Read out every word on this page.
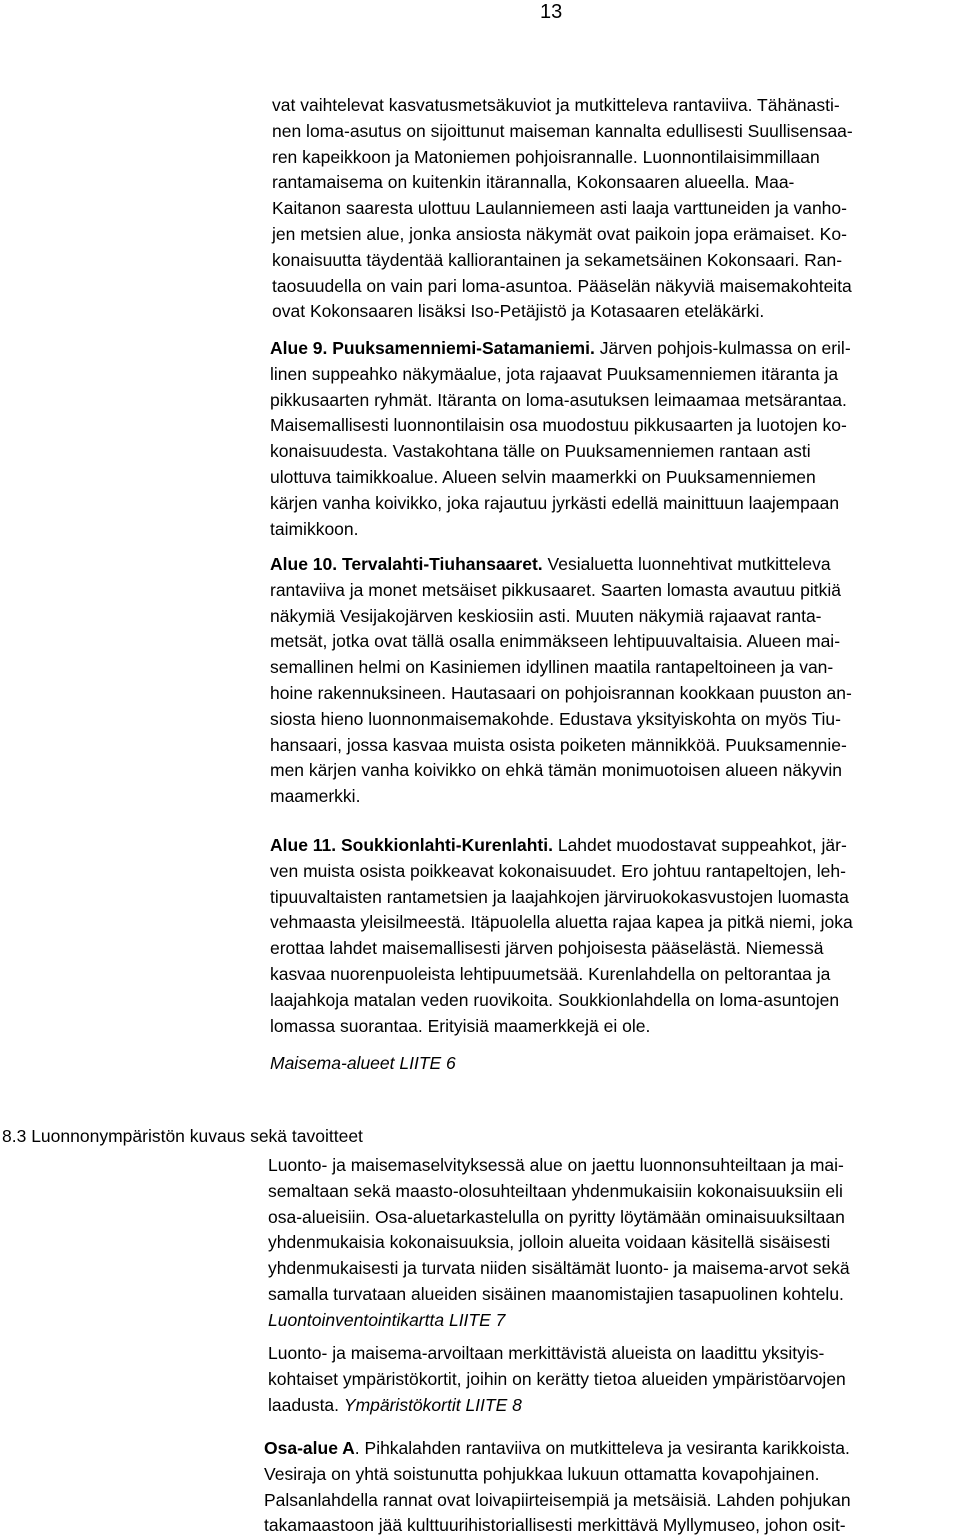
13
vat vaihtelevat kasvatusmetsäkuviot ja mutkitteleva rantaviiva. Tähänasti-
nen loma-asutus on sijoittunut maiseman kannalta edullisesti Suullisensaa-
ren kapeikkoon ja Matoniemen pohjoisrannalle. Luonnontilaisimmillaan
rantamaisema on kuitenkin itärannalla, Kokonsaaren alueella. Maa-
Kaitanon saaresta ulottuu Laulanniemeen asti laaja varttuneiden ja vanho-
jen metsien alue, jonka ansiosta näkymät ovat paikoin jopa erämaiset. Ko-
konaisuutta täydentää kalliorantainen ja sekametsäinen Kokonsaari. Ran-
taosuudella on vain pari loma-asuntoa. Pääselän näkyviä maisemakohteita
ovat Kokonsaaren lisäksi Iso-Petäjistö ja Kotasaaren eteläkärki.
Alue 9. Puuksamenniemi-Satamaniemi. Järven pohjois-kulmassa on eril-
linen suppeahko näkymäalue, jota rajaavat Puuksamenniemen itäranta ja
pikkusaarten ryhmät. Itäranta on loma-asutuksen leimaamaa metsärantaa.
Maisemallisesti luonnontilaisin osa muodostuu pikkusaarten ja luotojen ko-
konaisuudesta. Vastakohtana tälle on Puuksamenniemen rantaan asti
ulottuva taimikkoalue. Alueen selvin maamerkki on Puuksamenniemen
kärjen vanha koivikko, joka rajautuu jyrkästi edellä mainittuun laajempaan
taimikkoon.
Alue 10. Tervalahti-Tiuhansaaret. Vesialuetta luonnehtivat mutkitteleva
rantaviiva ja monet metsäiset pikkusaaret. Saarten lomasta avautuu pitkiä
näkymiä Vesijakojärven keskiosiin asti. Muuten näkymiä rajaavat ranta-
metsät, jotka ovat tällä osalla enimmäkseen lehtipuuvaltaisia. Alueen mai-
semallinen helmi on Kasiniemen idyllinen maatila rantapeltoineen ja van-
hoine rakennuksineen. Hautasaari on pohjoisrannan kookkaan puuston an-
siosta hieno luonnonmaisemakohde. Edustava yksityiskohta on myös Tiu-
hansaari, jossa kasvaa muista osista poiketen männikköä. Puuksamennie-
men kärjen vanha koivikko on ehkä tämän monimuotoisen alueen näkyvin
maamerkki.
Alue 11. Soukkionlahti-Kurenlahti. Lahdet muodostavat suppeahkot, jär-
ven muista osista poikkeavat kokonaisuudet. Ero johtuu rantapeltojen, leh-
tipuuvaltaisten rantametsien ja laajahkojen järviruokokasvustojen luomasta
vehmaasta yleisilmeestä. Itäpuolella aluetta rajaa kapea ja pitkä niemi, joka
erottaa lahdet maisemallisesti järven pohjoisesta pääselästä. Niemessä
kasvaa nuorenpuoleista lehtipuumetsää. Kurenlahdella on peltorantaa ja
laajahkoja matalan veden ruovikoita. Soukkionlahdella on loma-asuntojen
lomassa suorantaa. Erityisiä maamerkkejä ei ole.
Maisema-alueet LIITE 6
8.3 Luonnonympäristön kuvaus sekä tavoitteet
Luonto- ja maisemaselvityksessä alue on jaettu luonnonsuhteiltaan ja mai-
semaltaan sekä maasto-olosuhteiltaan yhdenmukaisiin kokonaisuuksiin eli
osa-alueisiin. Osa-aluetarkastelulla on pyritty löytämään ominaisuuksiltaan
yhdenmukaisia kokonaisuuksia, jolloin alueita voidaan käsitellä sisäisesti
yhdenmukaisesti ja turvata niiden sisältämät luonto- ja maisema-arvot sekä
samalla turvataan alueiden sisäinen maanomistajien tasapuolinen kohtelu.
Luontoinventointikartta LIITE 7
Luonto- ja maisema-arvoiltaan merkittävistä alueista on laadittu yksityis-
kohtaiset ympäristökortit, joihin on kerätty tietoa alueiden ympäristöarvojen
laadusta. Ympäristökortit LIITE 8
Osa-alue A. Pihkalahden rantaviiva on mutkitteleva ja vesiranta karikkoista.
Vesiraja on yhtä soistunutta pohjukkaa lukuun ottamatta kovapohjainen.
Palsanlahdella rannat ovat loivapiirteisempiä ja metsäisiä. Lahden pohjukan
takamaastoon jää kulttuurihistoriallisesti merkittävä Myllymuseo, johon osit-
